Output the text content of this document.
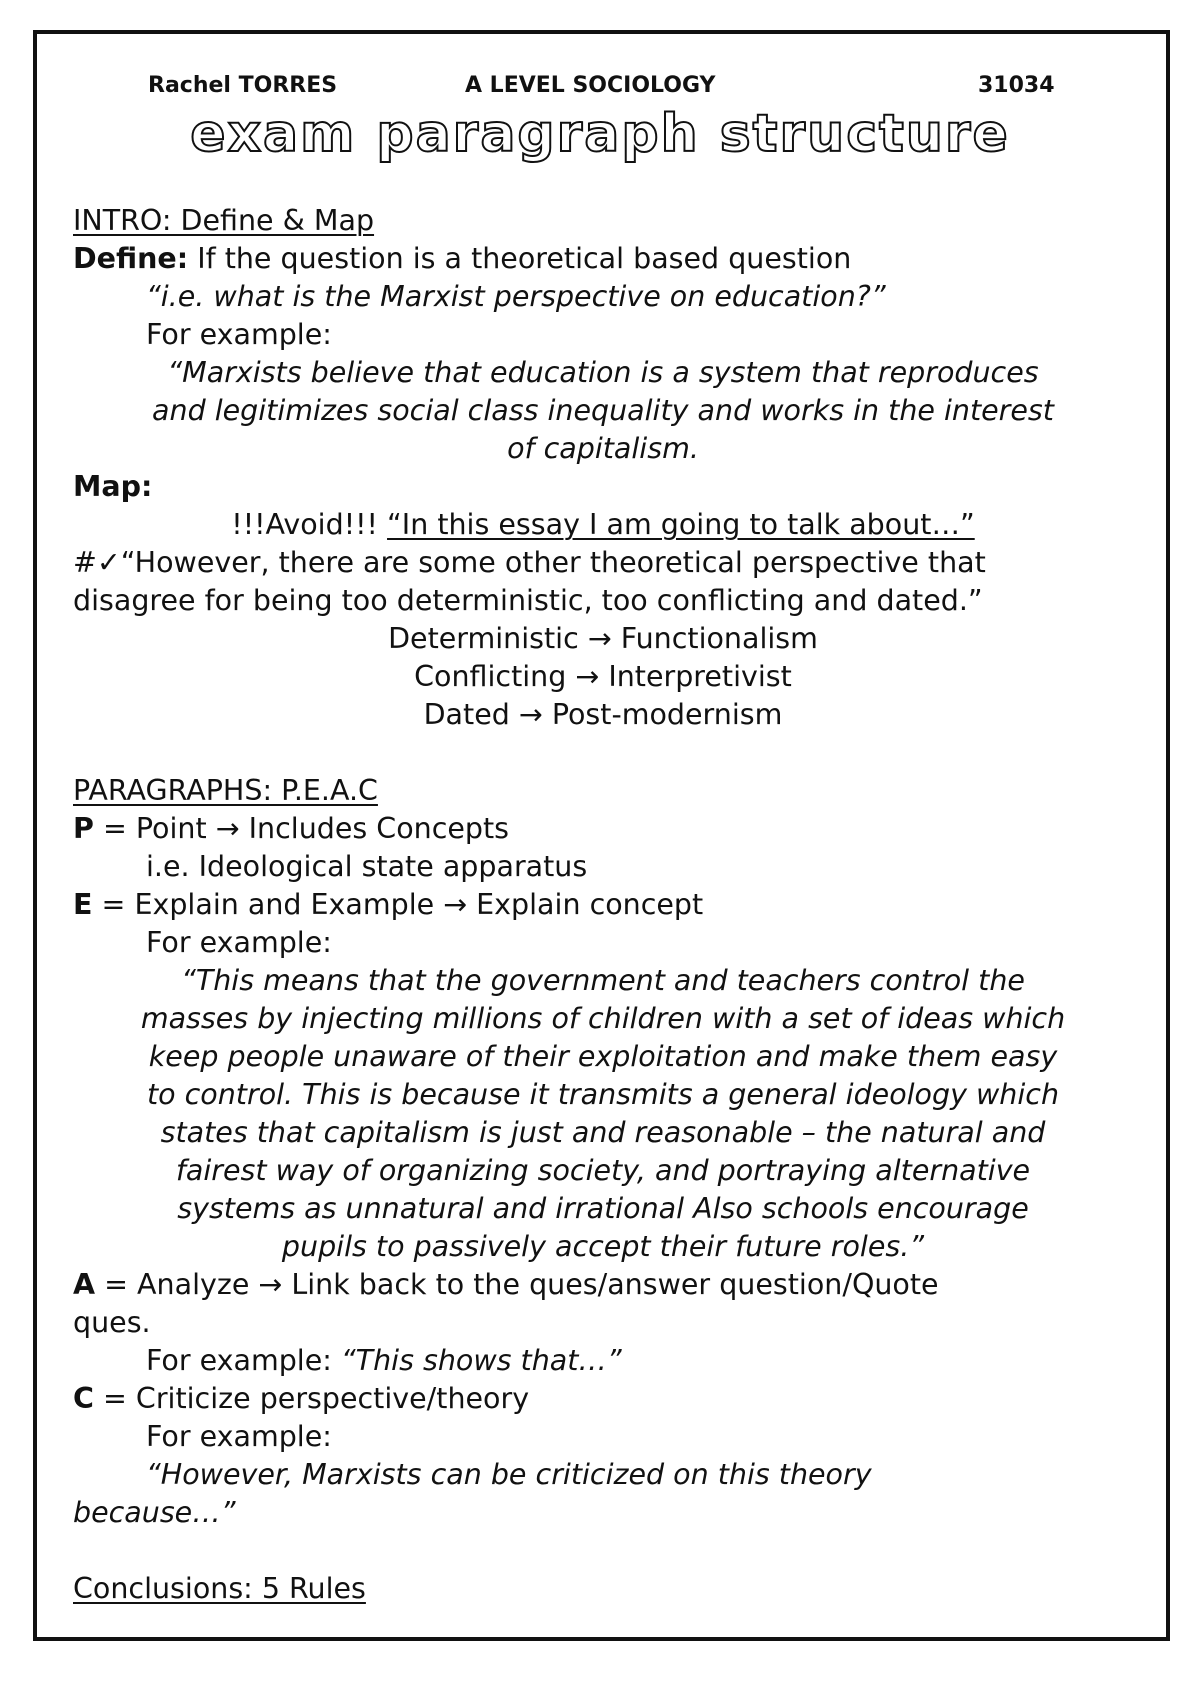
Rachel TORRES	A LEVEL SOCIOLOGY	31034
exam paragraph structure
INTRO: Define & Map
Define: If the question is a theoretical based question
“i.e. what is the Marxist perspective on education?”
For example:
“Marxists believe that education is a system that reproduces
and legitimizes social class inequality and works in the interest
of capitalism.
Map:
!!!Avoid!!! “In this essay I am going to talk about…”
#✓“However, there are some other theoretical perspective that
disagree for being too deterministic, too conflicting and dated.”
Deterministic → Functionalism
Conflicting → Interpretivist
Dated → Post-modernism
PARAGRAPHS: P.E.A.C
P = Point → Includes Concepts
i.e. Ideological state apparatus
E = Explain and Example → Explain concept
For example:
“This means that the government and teachers control the
masses by injecting millions of children with a set of ideas which
keep people unaware of their exploitation and make them easy
to control. This is because it transmits a general ideology which
states that capitalism is just and reasonable – the natural and
fairest way of organizing society, and portraying alternative
systems as unnatural and irrational Also schools encourage
pupils to passively accept their future roles.”
A = Analyze → Link back to the ques/answer question/Quote
ques.
For example: “This shows that…”
C = Criticize perspective/theory
For example:
“However, Marxists can be criticized on this theory
because…”
Conclusions: 5 Rules
